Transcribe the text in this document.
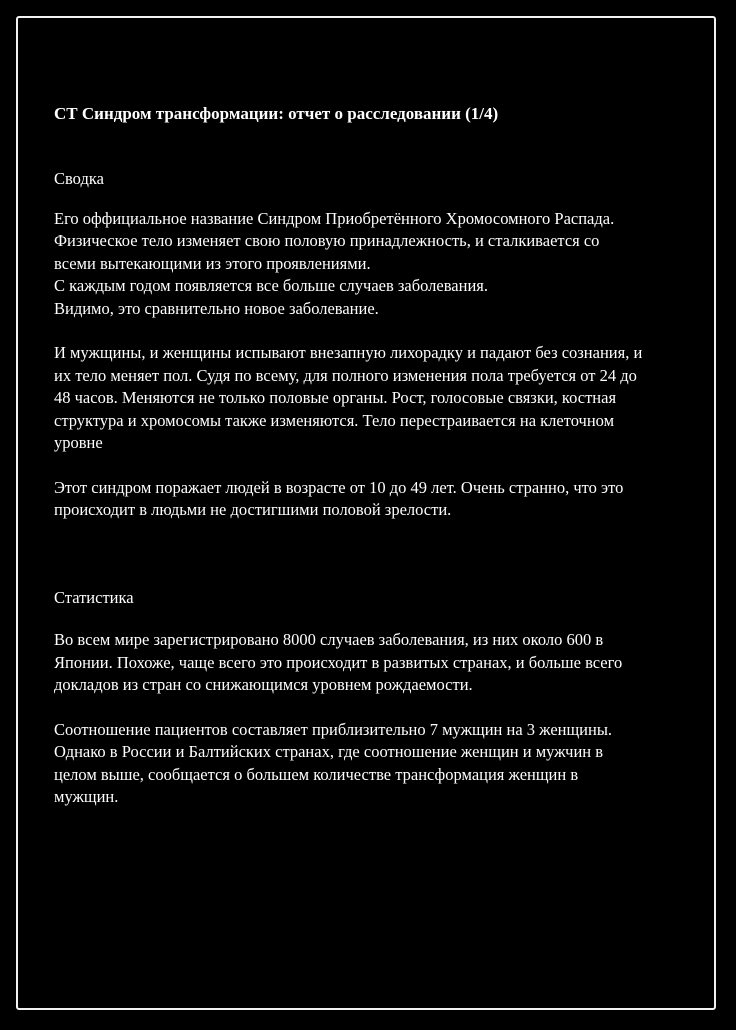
СТ Синдром трансформации: отчет о расследовании (1/4)
Сводка

Его оффициальное название Синдром Приобретённого Хромосомного Распада.
Физическое тело изменяет свою половую принадлежность, и сталкивается со
всеми вытекающими из этого проявлениями.
С каждым годом появляется все больше случаев заболевания.
Видимо, это сравнительно новое заболевание.

И мужщины, и женщины испывают внезапную лихорадку и падают без сознания, и
их тело меняет пол. Судя по всему, для полного изменения пола требуется от 24 до
48 часов. Меняются не только половые органы. Рост, голосовые связки, костная
структура и хромосомы также изменяются. Тело перестраивается на клеточном
уровне

Этот синдром поражает людей в возрасте от 10 до 49 лет. Очень странно, что это
происходит в людьми не достигшими половой зрелости.

Статистика

Во всем мире зарегистрировано 8000 случаев заболевания, из них около 600 в
Японии. Похоже, чаще всего это происходит в развитых странах, и больше всего
докладов из стран со снижающимся уровнем рождаемости.

Соотношение пациентов составляет приблизительно 7 мужщин на 3 женщины.
Однако в России и Балтийских странах, где соотношение женщин и мужчин в
целом выше, сообщается о большем количестве трансформация женщин в
мужщин.
